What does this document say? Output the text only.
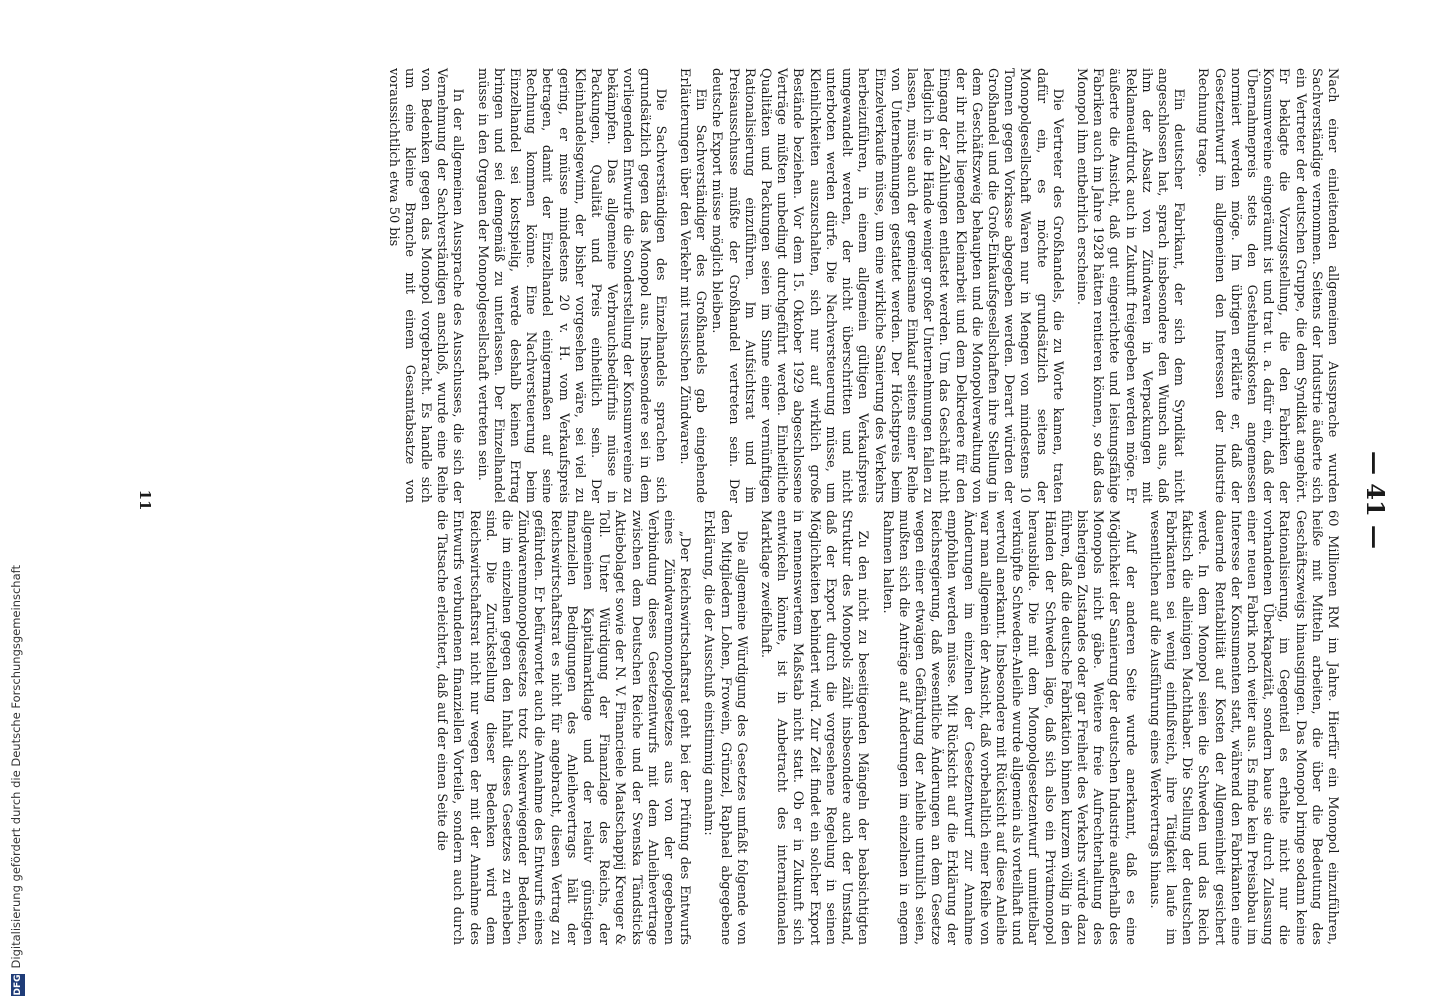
— 41 —

Nach einer einleitenden allgemeinen Aussprache wurden Sachverständige vernommen. Seitens der Industrie äußerte sich ein Vertreter der deutschen Gruppe, die dem Syndikat angehört. Er beklagte die Vorzugsstellung, die den Fabriken der Konsumvereine eingeräumt ist und trat u. a. dafür ein, daß der Übernahmepreis stets den Gestehungskosten angemessen normiert werden möge. Im übrigen erklärte er, daß der Gesetzentwurf im allgemeinen den Interessen der Industrie Rechnung trage.

Ein deutscher Fabrikant, der sich dem Syndikat nicht angeschlossen hat, sprach insbesondere den Wunsch aus, daß ihm der Absatz von Zündwaren in Verpackungen mit Reklameaufdruck auch in Zukunft freigegeben werden möge. Er äußerte die Ansicht, daß gut eingerichtete und leistungsfähige Fabriken auch im Jahre 1928 hätten rentieren können, so daß das Monopol ihm entbehrlich erscheine.

Die Vertreter des Großhandels, die zu Worte kamen, traten dafür ein, es möchte grundsätzlich seitens der Monopolgesellschaft Waren nur in Mengen von mindestens 10 Tonnen gegen Vorkasse abgegeben werden. Derart würden der Großhandel und die Groß-Einkaufsgesellschaften ihre Stellung in dem Geschäftszweig behaupten und die Monopolverwaltung von der ihr nicht liegenden Kleinarbeit und dem Delkredere für den Eingang der Zahlungen entlastet werden. Um das Geschäft nicht lediglich in die Hände weniger großer Unternehmungen fallen zu lassen, müsse auch der gemeinsame Einkauf seitens einer Reihe von Unternehmungen gestattet werden. Der Höchstpreis beim Einzelverkaufe müsse, um eine wirkliche Sanierung des Verkehrs herbeizuführen, in einem allgemein gültigen Verkaufspreis umgewandelt werden, der nicht überschritten und nicht unterboten werden dürfe. Die Nachversteuerung müsse, um Kleinlichkeiten auszuschalten, sich nur auf wirklich große Bestände beziehen. Vor dem 15. Oktober 1929 abgeschlossene Verträge müßten unbedingt durchgeführt werden. Einheitliche Qualitäten und Packungen seien im Sinne einer vernünftigen Rationalisierung einzuführen. Im Aufsichtsrat und im Preisausschusse müßte der Großhandel vertreten sein. Der deutsche Export müsse möglich bleiben.

Ein Sachverständiger des Großhandels gab eingehende Erläuterungen über den Verkehr mit russischen Zündwaren.

Die Sachverständigen des Einzelhandels sprachen sich grundsätzlich gegen das Monopol aus. Insbesondere sei in dem vorliegenden Entwurfe die Sonderstellung der Konsumvereine zu bekämpfen. Das allgemeine Verbrauchsbedürfnis müsse in Packungen, Qualität und Preis einheitlich sein. Der Kleinhandelsgewinn, der bisher vorgesehen wäre, sei viel zu gering, er müsse mindestens 20 v. H. vom Verkaufspreis betragen, damit der Einzelhandel einigermaßen auf seine Rechnung kommen könne. Eine Nachversteuerung beim Einzelhandel sei kostspielig, werde deshalb keinen Ertrag bringen und sei demgemäß zu unterlassen. Der Einzelhandel müsse in den Organen der Monopolgesellschaft vertreten sein.

In der allgemeinen Aussprache des Ausschusses, die sich der Vernehmung der Sachverständigen anschloß, wurde eine Reihe von Bedenken gegen das Monopol vorgebracht. Es handle sich um eine kleine Branche mit einem Gesamtabsatze von voraussichtlich etwa 50 bis

60 Millionen RM im Jahre. Hierfür ein Monopol einzuführen, heiße mit Mitteln arbeiten, die über die Bedeutung des Geschäftszweigs hinausgingen. Das Monopol bringe sodann keine Rationalisierung, im Gegenteil es erhalte nicht nur die vorhandenen Überkapazität, sondern baue sie durch Zulassung einer neuen Fabrik noch weiter aus. Es finde kein Preisabbau im Interesse der Konsumenten statt, während den Fabrikanten eine dauernde Rentabilität auf Kosten der Allgemeinheit gesichert werde. In dem Monopol seien die Schweden und das Reich faktisch die alleinigen Machthaber. Die Stellung der deutschen Fabrikanten sei wenig einflußreich, ihre Tätigkeit laufe im wesentlichen auf die Ausführung eines Werkvertrags hinaus.

Auf der anderen Seite wurde anerkannt, daß es eine Möglichkeit der Sanierung der deutschen Industrie außerhalb des Monopols nicht gäbe. Weitere freie Aufrechterhaltung des bisherigen Zustandes oder gar Freiheit des Verkehrs würde dazu führen, daß die deutsche Fabrikation binnen kurzem völlig in den Händen der Schweden läge, daß sich also ein Privatmonopol herausbilde. Die mit dem Monopolgesetzentwurf unmittelbar verknüpfte Schweden-Anleihe wurde allgemein als vorteilhaft und wertvoll anerkannt. Insbesondere mit Rücksicht auf diese Anleihe war man allgemein der Ansicht, daß vorbehaltlich einer Reihe von Änderungen im einzelnen der Gesetzentwurf zur Annahme empfohlen werden müsse. Mit Rücksicht auf die Erklärung der Reichsregierung, daß wesentliche Änderungen an dem Gesetze wegen einer etwaigen Gefährdung der Anleihe untunlich seien, mußten sich die Anträge auf Änderungen im einzelnen in engem Rahmen halten.

Zu den nicht zu beseitigenden Mängeln der beabsichtigten Struktur des Monopols zählt insbesondere auch der Umstand, daß der Export durch die vorgesehene Regelung in seinen Möglichkeiten behindert wird. Zur Zeit findet ein solcher Export in nennenswertem Maßstab nicht statt. Ob er in Zukunft sich entwickeln könnte, ist in Anbetracht des internationalen Marktlage zweifelhaft.

Die allgemeine Würdigung des Gesetzes umfaßt folgende von den Mitgliedern Lohen, Frowein, Grünzel, Raphael abgegebene Erklärung, die der Ausschuß einstimmig annahm:

„Der Reichswirtschaftsrat geht bei der Prüfung des Entwurfs eines Zündwarenmonopolgesetzes aus von der gegebenen Verbindung dieses Gesetzentwurfs mit dem Anleihevertrage zwischen dem Deutschen Reiche und der Svenska Tändsticks Aktiebolaget sowie der N. V. Financieele Maatschappij Kreuger & Toll. Unter Würdigung der Finanzlage des Reichs, der allgemeinen Kapitalmarktlage und der relativ günstigen finanziellen Bedingungen des Anleihevertrags hält der Reichswirtschaftsrat es nicht für angebracht, diesen Vertrag zu gefährden. Er befürwortet auch die Annahme des Entwurfs eines Zündwarenmonopolgesetzes trotz schwerwiegender Bedenken, die im einzelnen gegen den Inhalt dieses Gesetzes zu erheben sind. Die Zurückstellung dieser Bedenken wird dem Reichswirtschaftsrat nicht nur wegen der mit der Annahme des Entwurfs verbundenen finanziellen Vorteile, sondern auch durch die Tatsache erleichtert, daß auf der einen Seite die

11
Digitalisierung gefördert durch die Deutsche Forschungsgemeinschaft
DFG
